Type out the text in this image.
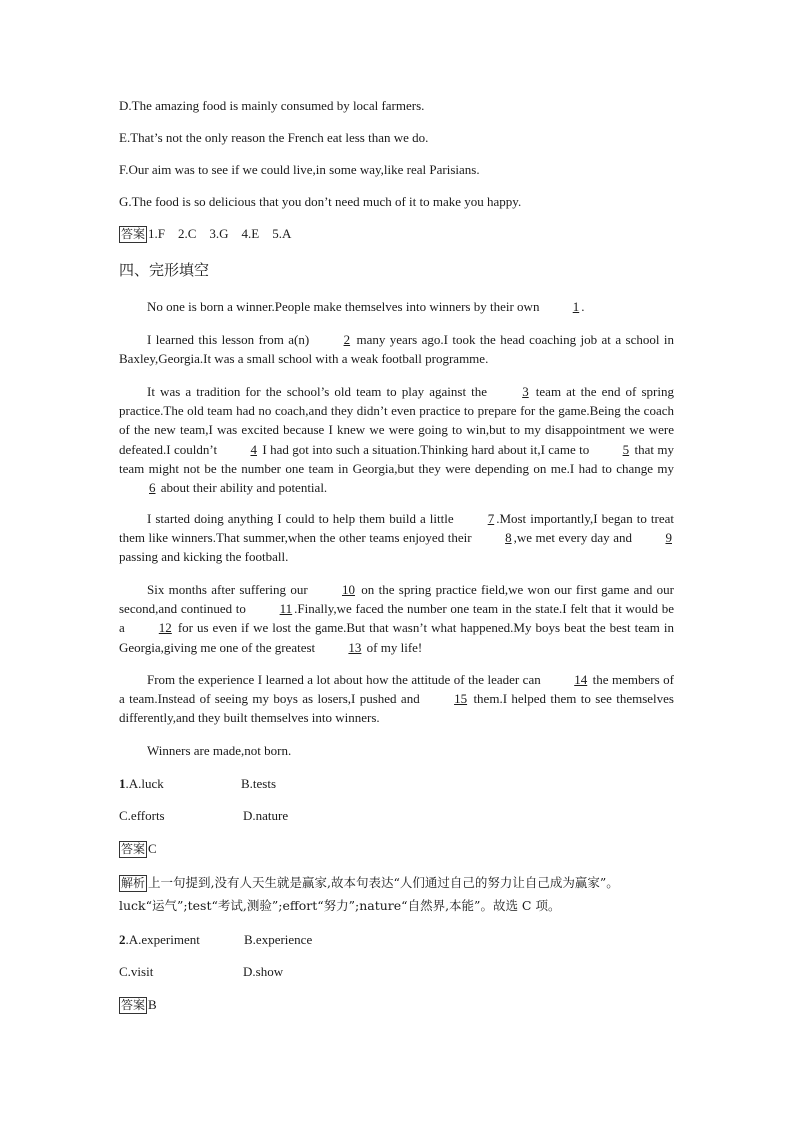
D.The amazing food is mainly consumed by local farmers.
E.That’s not the only reason the French eat less than we do.
F.Our aim was to see if we could live,in some way,like real Parisians.
G.The food is so delicious that you don’t need much of it to make you happy.
答案 1.F　2.C　3.G　4.E　5.A
四、完形填空

No one is born a winner.People make themselves into winners by their own 1 .

I learned this lesson from a(n) 2 many years ago.I took the head coaching job at a school in Baxley,Georgia.It was a small school with a weak football programme.

It was a tradition for the school’s old team to play against the 3 team at the end of spring practice.The old team had no coach,and they didn’t even practice to prepare for the game.Being the coach of the new team,I was excited because I knew we were going to win,but to my disappointment we were defeated.I couldn’t 4 I had got into such a situation.Thinking hard about it,I came to 5 that my team might not be the number one team in Georgia,but they were depending on me.I had to change my 6 about their ability and potential.

I started doing anything I could to help them build a little 7 .Most importantly,I began to treat them like winners.That summer,when the other teams enjoyed their 8 ,we met every day and 9 passing and kicking the football.

Six months after suffering our 10 on the spring practice field,we won our first game and our second,and continued to 11 .Finally,we faced the number one team in the state.I felt that it would be a 12 for us even if we lost the game.But that wasn’t what happened.My boys beat the best team in Georgia,giving me one of the greatest 13 of my life!

From the experience I learned a lot about how the attitude of the leader can 14 the members of a team.Instead of seeing my boys as losers,I pushed and 15 them.I helped them to see themselves differently,and they built themselves into winners.

Winners are made,not born.

1.A.luck	B.tests
C.efforts	D.nature
答案 C
解析 上一句提到,没有人天生就是赢家,故本句表达“人们通过自己的努力让自己成为赢家”。
luck“运气”;test“考试,测验”;effort“努力”;nature“自然界,本能”。故选 C 项。
2.A.experiment	B.experience
C.visit	D.show
答案 B
